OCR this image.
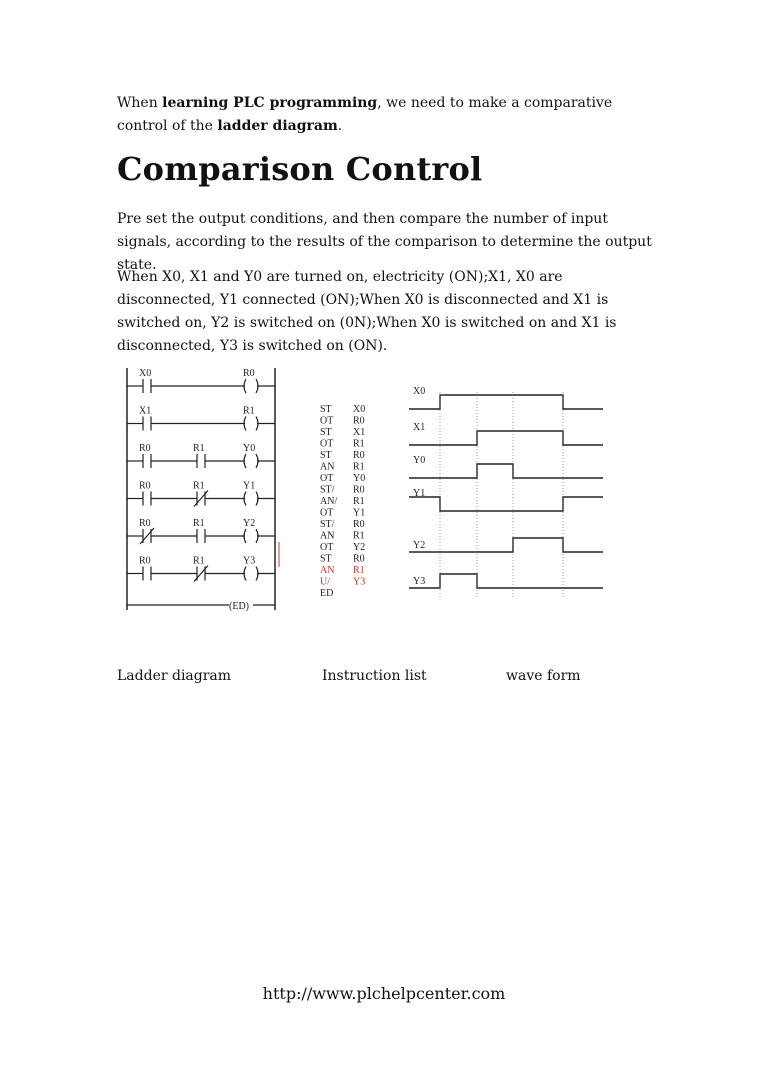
When learning PLC programming, we need to make a comparative control of the ladder diagram.
Comparison Control

Pre set the output conditions, and then compare the number of input signals, according to the results of the comparison to determine the output state.

When X0, X1 and Y0 are turned on, electricity (ON);X1, X0 are disconnected, Y1 connected (ON);When X0 is disconnected and X1 is switched on, Y2 is switched on (0N);When X0 is switched on and X1 is disconnected, Y3 is switched on (ON).

X0	R0
X1	R1
R0	R1	Y0
R0	R1	Y1
R0	R1	Y2
R0	R1	Y3
(ED)
ST X0
OT R0
ST X1
OT R1
ST R0
AN R1
OT Y0
ST/ R0
AN/ R1
OT Y1
ST/ R0
AN R1
OT Y2
ST R0
AN R1
U/ Y3
ED
X0
X1
Y0
Y1
Y2
Y3
Ladder diagram	Instruction list	wave form
http://www.plchelpcenter.com
